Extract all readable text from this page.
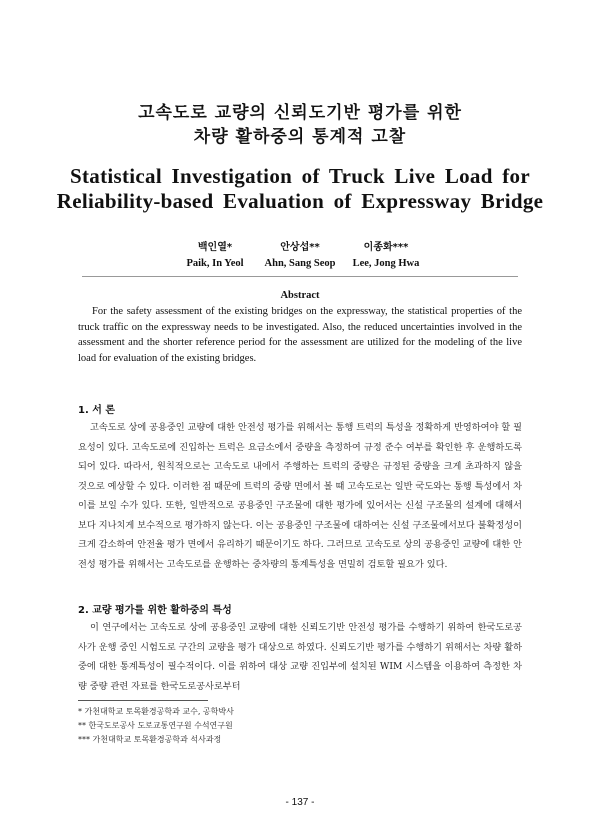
고속도로 교량의 신뢰도기반 평가를 위한
차량 활하중의 통계적 고찰
Statistical Investigation of Truck Live Load for
Reliability-based Evaluation of Expressway Bridge
백인열*
Paik, In Yeol
안상섭**
Ahn, Sang Seop
이종화***
Lee, Jong Hwa
Abstract
For the safety assessment of the existing bridges on the expressway, the statistical properties of the truck traffic on the expressway needs to be investigated. Also, the reduced uncertainties involved in the assessment and the shorter reference period for the assessment are utilized for the modeling of the live load for evaluation of the existing bridges.
1. 서 론
고속도로 상에 공용중인 교량에 대한 안전성 평가를 위해서는 통행 트럭의 특성을 정확하게 반영하여야 할 필요성이 있다. 고속도로에 진입하는 트럭은 요금소에서 중량을 측정하여 규정 준수 여부를 확인한 후 운행하도록 되어 있다. 따라서, 원칙적으로는 고속도로 내에서 주행하는 트럭의 중량은 규정된 중량을 크게 초과하지 않을 것으로 예상할 수 있다. 이러한 점 때문에 트럭의 중량 면에서 볼 때 고속도로는 일반 국도와는 통행 특성에서 차이를 보일 수가 있다. 또한, 일반적으로 공용중인 구조물에 대한 평가에 있어서는 신설 구조물의 설계에 대해서보다 지나치게 보수적으로 평가하지 않는다. 이는 공용중인 구조물에 대하여는 신설 구조물에서보다 불확정성이 크게 감소하여 안전율 평가 면에서 유리하기 때문이기도 하다. 그러므로 고속도로 상의 공용중인 교량에 대한 안전성 평가를 위해서는 고속도로를 운행하는 중차량의 통계특성을 면밀히 검토할 필요가 있다.
2. 교량 평가를 위한 활하중의 특성
이 연구에서는 고속도로 상에 공용중인 교량에 대한 신뢰도기반 안전성 평가를 수행하기 위하여 한국도로공사가 운행 중인 시험도로 구간의 교량을 평가 대상으로 하였다. 신뢰도기반 평가를 수행하기 위해서는 차량 활하중에 대한 통계특성이 필수적이다. 이를 위하여 대상 교량 진입부에 설치된 WIM 시스템을 이용하여 측정한 차량 중량 관련 자료를 한국도로공사로부터
* 가천대학교 토목환경공학과 교수, 공학박사
** 한국도로공사 도로교통연구원 수석연구원
*** 가천대학교 토목환경공학과 석사과정
- 137 -
